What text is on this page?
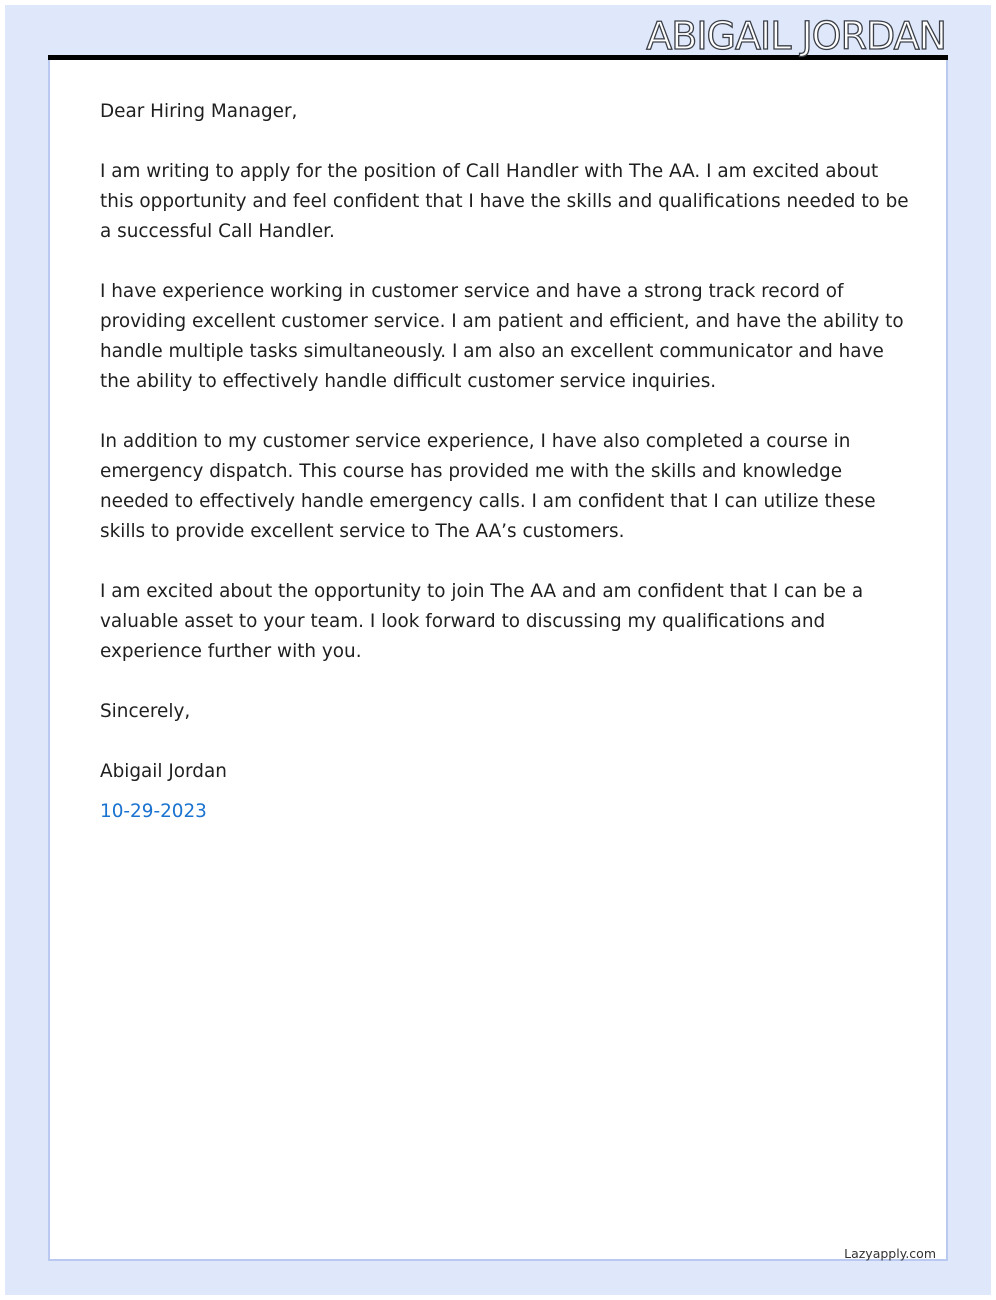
ABIGAIL JORDAN

Dear Hiring Manager,

I am writing to apply for the position of Call Handler with The AA. I am excited about this opportunity and feel confident that I have the skills and qualifications needed to be a successful Call Handler.

I have experience working in customer service and have a strong track record of providing excellent customer service. I am patient and efficient, and have the ability to handle multiple tasks simultaneously. I am also an excellent communicator and have the ability to effectively handle difficult customer service inquiries.

In addition to my customer service experience, I have also completed a course in emergency dispatch. This course has provided me with the skills and knowledge needed to effectively handle emergency calls. I am confident that I can utilize these skills to provide excellent service to The AA’s customers.

I am excited about the opportunity to join The AA and am confident that I can be a valuable asset to your team. I look forward to discussing my qualifications and experience further with you.

Sincerely,

Abigail Jordan

10-29-2023

Lazyapply.com
